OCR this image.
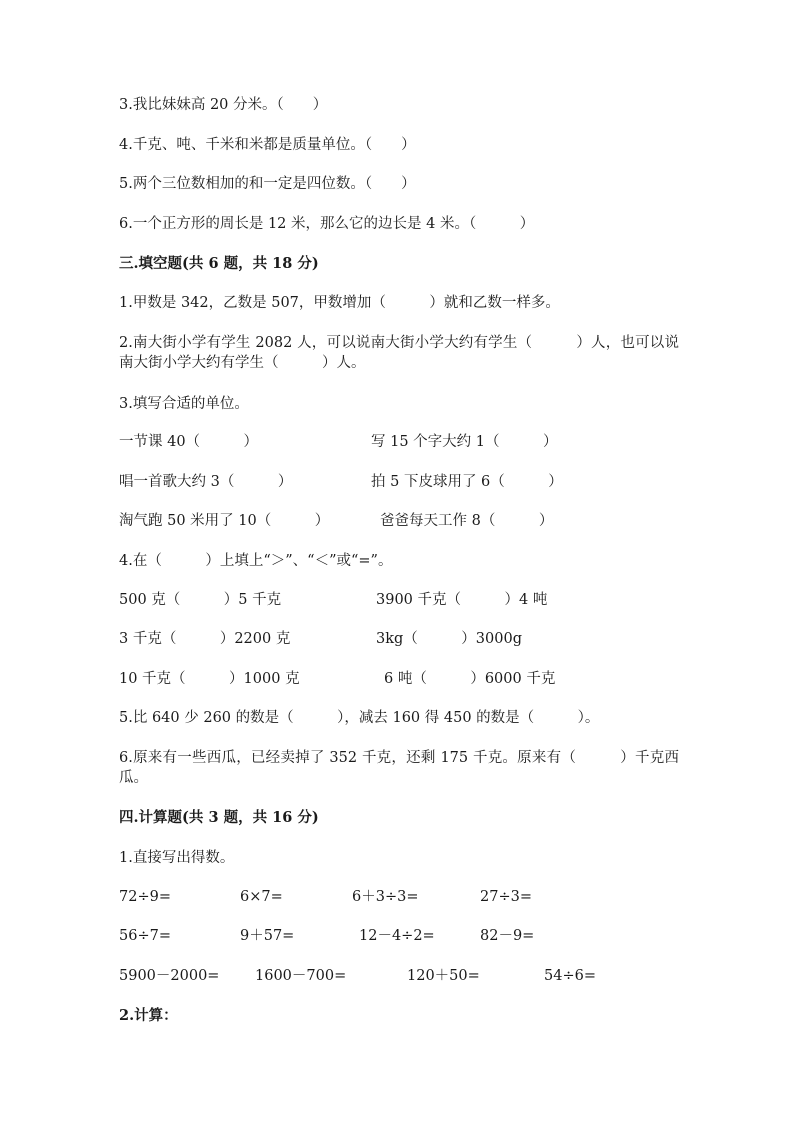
3.我比妹妹高 20 分米。（　　）
4.千克、吨、千米和米都是质量单位。（　　）
5.两个三位数相加的和一定是四位数。（　　）
6.一个正方形的周长是 12 米，那么它的边长是 4 米。（　　　）
三.填空题(共 6 题，共 18 分)
1.甲数是 342，乙数是 507，甲数增加（　　　）就和乙数一样多。
2.南大街小学有学生 2082 人，可以说南大街小学大约有学生（　　　）人，也可以说南大街小学大约有学生（　　　）人。
3.填写合适的单位。
一节课 40（　　　）	写 15 个字大约 1（　　　）
唱一首歌大约 3（　　　）	拍 5 下皮球用了 6（　　　）
淘气跑 50 米用了 10（　　　）	爸爸每天工作 8（　　　）
4.在（　　　）上填上“＞”、“＜”或“=”。
500 克（　　　）5 千克	3900 千克（　　　）4 吨
3 千克（　　　）2200 克	3kg（　　　）3000g
10 千克（　　　）1000 克	6 吨（　　　）6000 千克
5.比 640 少 260 的数是（　　　），减去 160 得 450 的数是（　　　）。
6.原来有一些西瓜，已经卖掉了 352 千克，还剩 175 千克。原来有（　　　）千克西瓜。
四.计算题(共 3 题，共 16 分)
1.直接写出得数。
72÷9=	6×7=	6＋3÷3=	27÷3=
56÷7=	9＋57=	12－4÷2=	82－9=
5900－2000= 1600－700=	120＋50=	54÷6=
2.计算：
